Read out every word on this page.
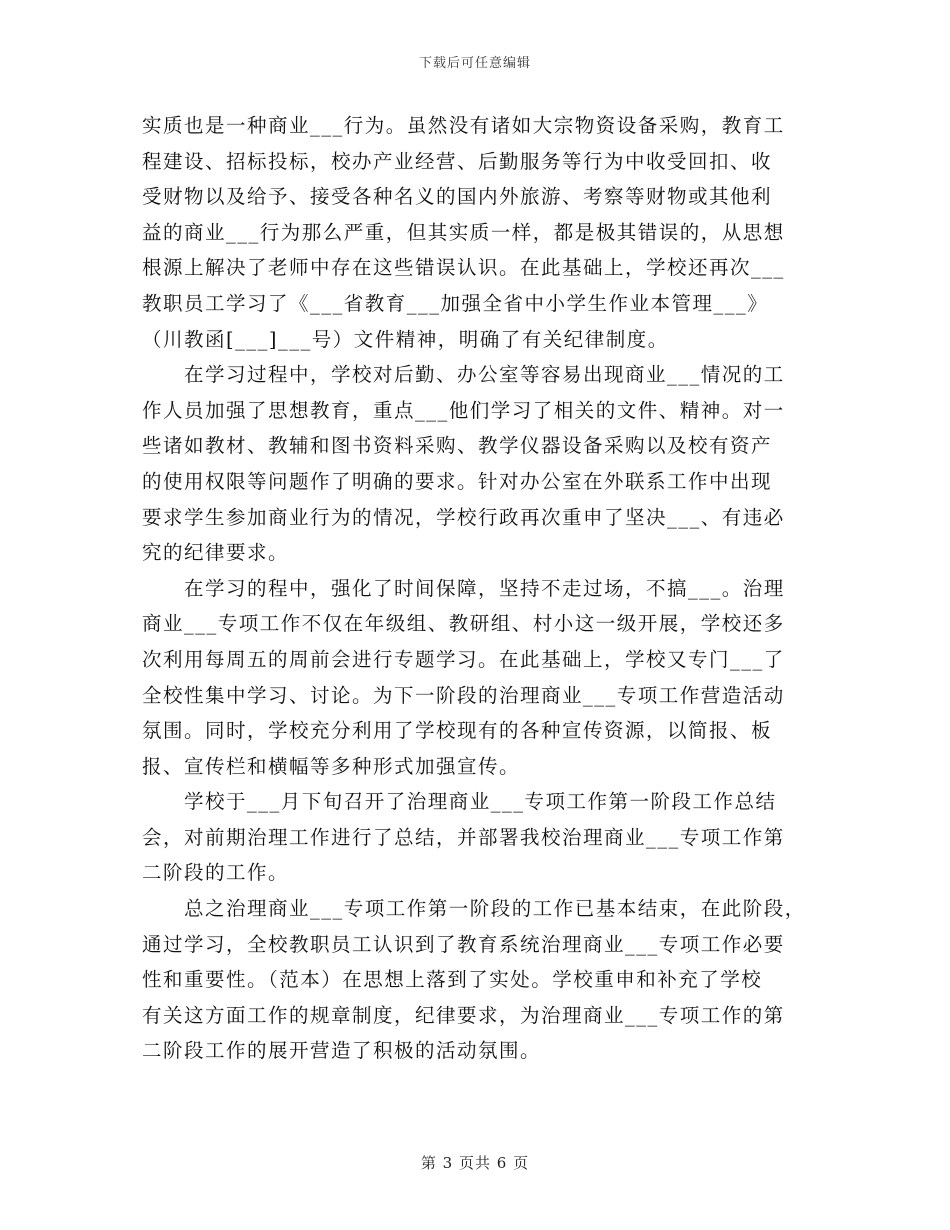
下载后可任意编辑
实质也是一种商业___行为。虽然没有诸如大宗物资设备采购，教育工
程建设、招标投标，校办产业经营、后勤服务等行为中收受回扣、收
受财物以及给予、接受各种名义的国内外旅游、考察等财物或其他利
益的商业___行为那么严重，但其实质一样，都是极其错误的，从思想
根源上解决了老师中存在这些错误认识。在此基础上，学校还再次___
教职员工学习了《___省教育___加强全省中小学生作业本管理___》
（川教函[___]___号）文件精神，明确了有关纪律制度。
　　在学习过程中，学校对后勤、办公室等容易出现商业___情况的工
作人员加强了思想教育，重点___他们学习了相关的文件、精神。对一
些诸如教材、教辅和图书资料采购、教学仪器设备采购以及校有资产
的使用权限等问题作了明确的要求。针对办公室在外联系工作中出现
要求学生参加商业行为的情况，学校行政再次重申了坚决___、有违必
究的纪律要求。
　　在学习的程中，强化了时间保障，坚持不走过场，不搞___。治理
商业___专项工作不仅在年级组、教研组、村小这一级开展，学校还多
次利用每周五的周前会进行专题学习。在此基础上，学校又专门___了
全校性集中学习、讨论。为下一阶段的治理商业___专项工作营造活动
氛围。同时，学校充分利用了学校现有的各种宣传资源，以简报、板
报、宣传栏和横幅等多种形式加强宣传。
　　学校于___月下旬召开了治理商业___专项工作第一阶段工作总结
会，对前期治理工作进行了总结，并部署我校治理商业___专项工作第
二阶段的工作。
　　总之治理商业___专项工作第一阶段的工作已基本结束，在此阶段，
通过学习，全校教职员工认识到了教育系统治理商业___专项工作必要
性和重要性。（范本）在思想上落到了实处。学校重申和补充了学校
有关这方面工作的规章制度，纪律要求，为治理商业___专项工作的第
二阶段工作的展开营造了积极的活动氛围。
第 3 页共 6 页
